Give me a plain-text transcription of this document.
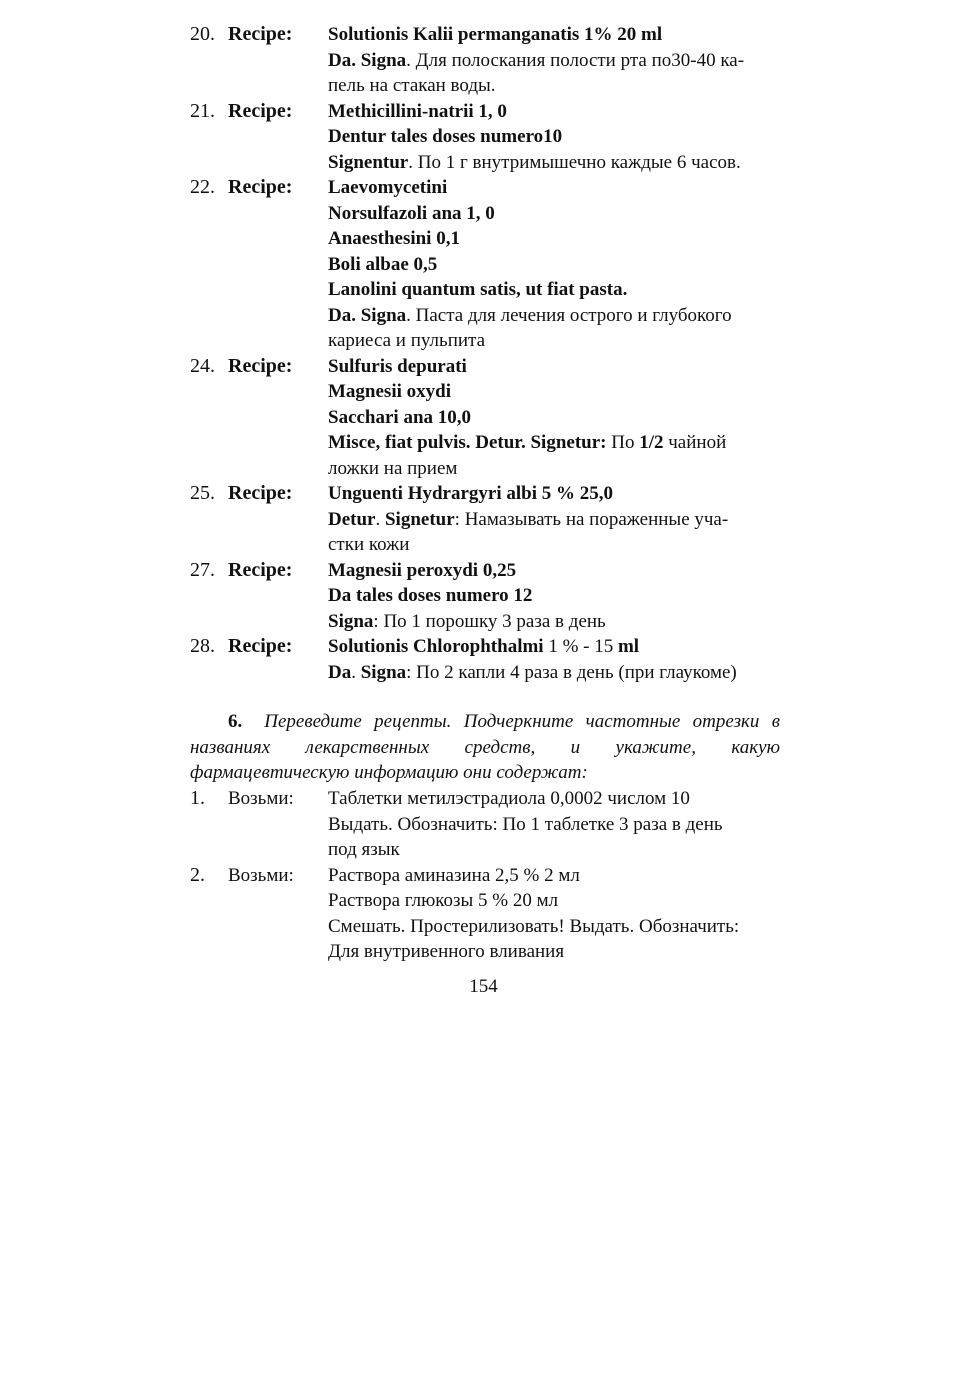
20. Recipe:	Solutionis Kalii permanganatis 1% 20 ml
Da. Signa. Для полоскания полости рта по30-40 ка-
пель на стакан воды.
21. Recipe:	Methicillini-natrii 1, 0
Dentur tales doses numero10
Signentur. По 1 г внутримышечно каждые 6 часов.
22. Recipe:	Laevomycetini
Norsulfazoli ana 1, 0
Anaesthesini 0,1
Boli albae 0,5
Lanolini quantum satis, ut fiat pasta.
Da. Signa. Паста для лечения острого и глубокого
кариеса и пульпита
24. Recipe:	Sulfuris depurati
Magnesii oxydi
Sacchari ana 10,0
Misce, fiat pulvis. Detur. Signetur: По 1/2 чайной
ложки на прием
25. Recipe:	Unguenti Hydrargyri albi 5 % 25,0
Detur. Signetur: Намазывать на пораженные уча-
стки кожи
27. Recipe:	Magnesii peroxydi 0,25
Da tales doses numero 12
Signa: По 1 порошку 3 раза в день
28. Recipe:	Solutionis Chlorophthalmi 1 % - 15 ml
Da. Signa: По 2 капли 4 раза в день (при глаукоме)
6. Переведите рецепты. Подчеркните частотные отрезки в названиях лекарственных средств, и укажите, какую фармацевтическую информацию они содержат:
1.	Возьми:	Таблетки метилэстрадиола 0,0002 числом 10
Выдать. Обозначить: По 1 таблетке 3 раза в день
под язык
2.	Возьми:	Раствора аминазина 2,5 % 2 мл
Раствора глюкозы 5 % 20 мл
Смешать. Простерилизовать! Выдать. Обозначить:
Для внутривенного вливания
154
